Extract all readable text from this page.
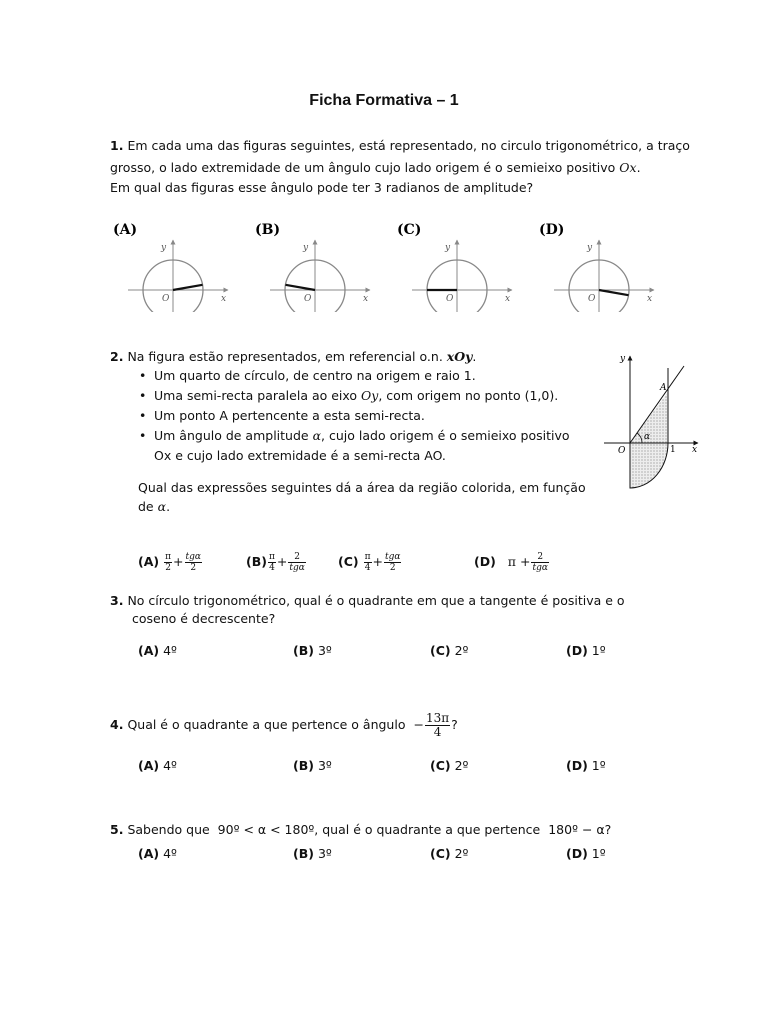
Ficha Formativa – 1
1. Em cada uma das figuras seguintes, está representado, no circulo trigonométrico, a traço
grosso, o lado extremidade de um ângulo cujo lado origem é o semieixo positivo Ox.
Em qual das figuras esse ângulo pode ter 3 radianos de amplitude?
(A)
y
x
O
(B)
y
x
O
(C)
y
x
O
(D)
y
x
O
2. Na figura estão representados, em referencial o.n. xOy.
• Um quarto de círculo, de centro na origem e raio 1.
• Uma semi-recta paralela ao eixo Oy, com origem no ponto (1,0).
• Um ponto A pertencente a esta semi-recta.
• Um ângulo de amplitude α, cujo lado origem é o semieixo positivo
Ox e cujo lado extremidade é a semi-recta AO.
Qual das expressões seguintes dá a área da região colorida, em função
de α.
α
y
x
A
O	1
$(A) \frac{\pi}{2} + \frac{\text{tgα}}{2}$	$(B) \frac{\pi}{4} + \frac{2}{\text{tgα}}$	$(C) \frac{\pi}{4} + \frac{\text{tgα}}{2}$	(D) $\pi + \frac{2}{\text{tgα}}$
3. No círculo trigonométrico, qual é o quadrante em que a tangente é positiva e o
coseno é decrescente?
(A) 4º	(B) 3º	(C) 2º	(D) 1º
4. Qual é o quadrante a que pertence o ângulo − $\frac{13\pi}{4}$ ?
(A) 4º	(B) 3º	(C) 2º	(D) 1º
5. Sabendo que 90º < α < 180º, qual é o quadrante a que pertence 180º − α?
(A) 4º	(B) 3º	(C) 2º	(D) 1º
